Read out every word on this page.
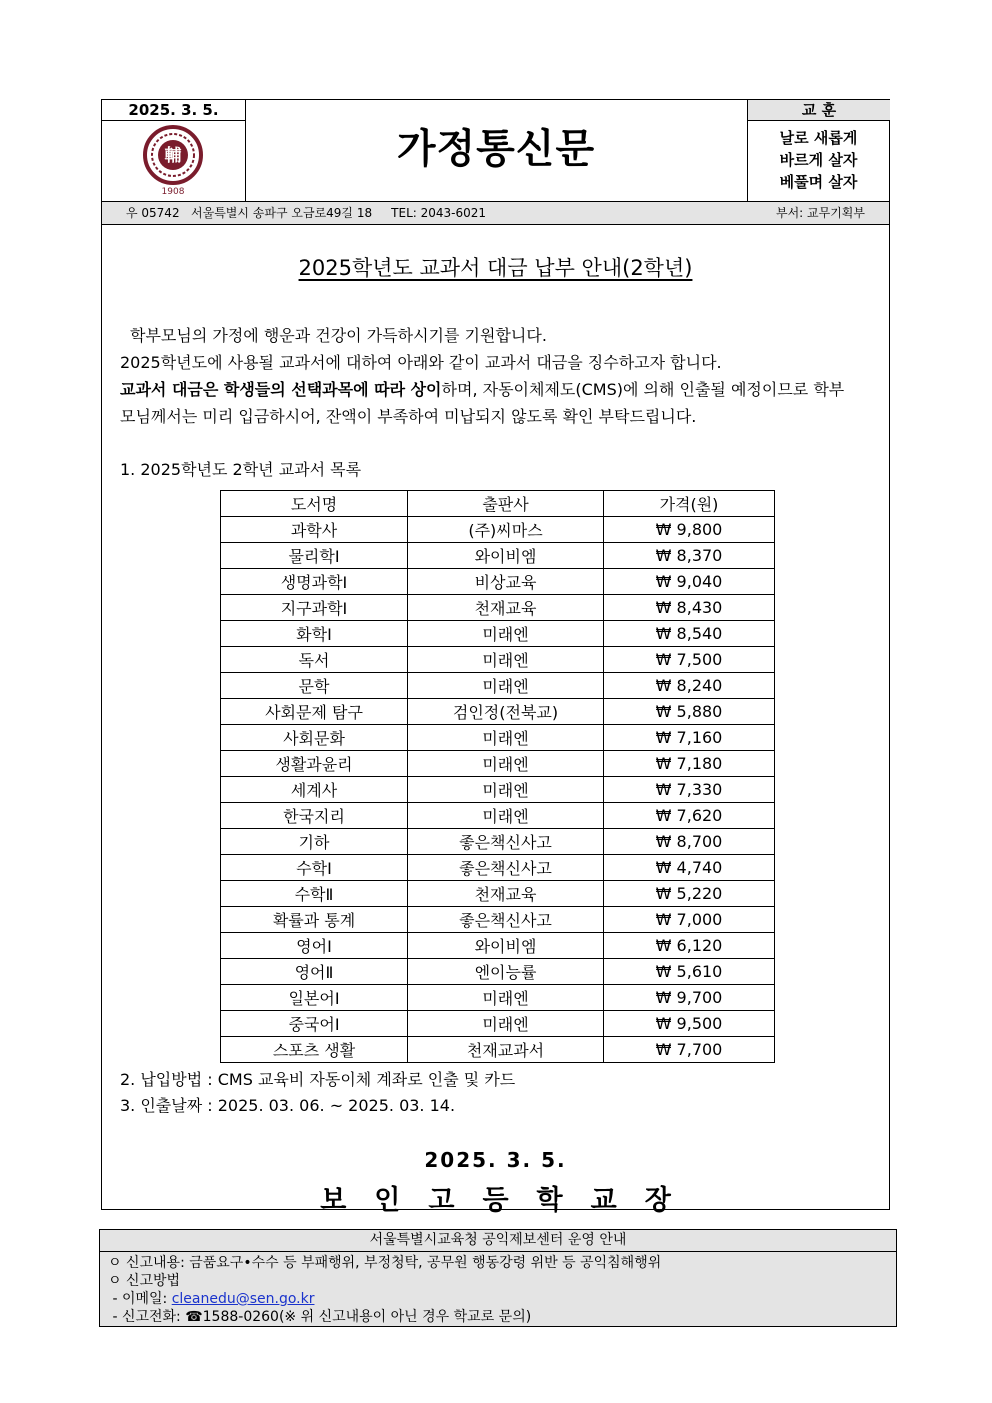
2025. 3. 5.
輔
1908
가정통신문
교 훈
날로 새롭게
바르게 살자
베풀며 살자
우 05742   서울특별시 송파구 오금로49길 18     TEL: 2043-6021	부서: 교무기획부
2025학년도 교과서 대금 납부 안내(2학년)
학부모님의 가정에 행운과 건강이 가득하시기를 기원합니다.
2025학년도에 사용될 교과서에 대하여 아래와 같이 교과서 대금을 징수하고자 합니다.
교과서 대금은 학생들의 선택과목에 따라 상이하며, 자동이체제도(CMS)에 의해 인출될 예정이므로 학부
모님께서는 미리 입금하시어, 잔액이 부족하여 미납되지 않도록 확인 부탁드립니다.
1. 2025학년도 2학년 교과서 목록
도서명	출판사	가격(원)
과학사	(주)씨마스	₩ 9,800
물리학Ⅰ	와이비엠	₩ 8,370
생명과학Ⅰ	비상교육	₩ 9,040
지구과학Ⅰ	천재교육	₩ 8,430
화학Ⅰ	미래엔	₩ 8,540
독서	미래엔	₩ 7,500
문학	미래엔	₩ 8,240
사회문제 탐구	검인정(전북교)	₩ 5,880
사회문화	미래엔	₩ 7,160
생활과윤리	미래엔	₩ 7,180
세계사	미래엔	₩ 7,330
한국지리	미래엔	₩ 7,620
기하	좋은책신사고	₩ 8,700
수학Ⅰ	좋은책신사고	₩ 4,740
수학Ⅱ	천재교육	₩ 5,220
확률과 통계	좋은책신사고	₩ 7,000
영어Ⅰ	와이비엠	₩ 6,120
영어Ⅱ	엔이능률	₩ 5,610
일본어Ⅰ	미래엔	₩ 9,700
중국어Ⅰ	미래엔	₩ 9,500
스포츠 생활	천재교과서	₩ 7,700
2. 납입방법 : CMS 교육비 자동이체 계좌로 인출 및 카드
3. 인출날짜 : 2025. 03. 06. ~ 2025. 03. 14.
2025. 3. 5.
보인고등학교장
서울특별시교육청 공익제보센터 운영 안내
ㅇ 신고내용: 금품요구•수수 등 부패행위, 부정청탁, 공무원 행동강령 위반 등 공익침해행위
ㅇ 신고방법
- 이메일: cleanedu@sen.go.kr
- 신고전화: ☎1588-0260(※ 위 신고내용이 아닌 경우 학교로 문의)
